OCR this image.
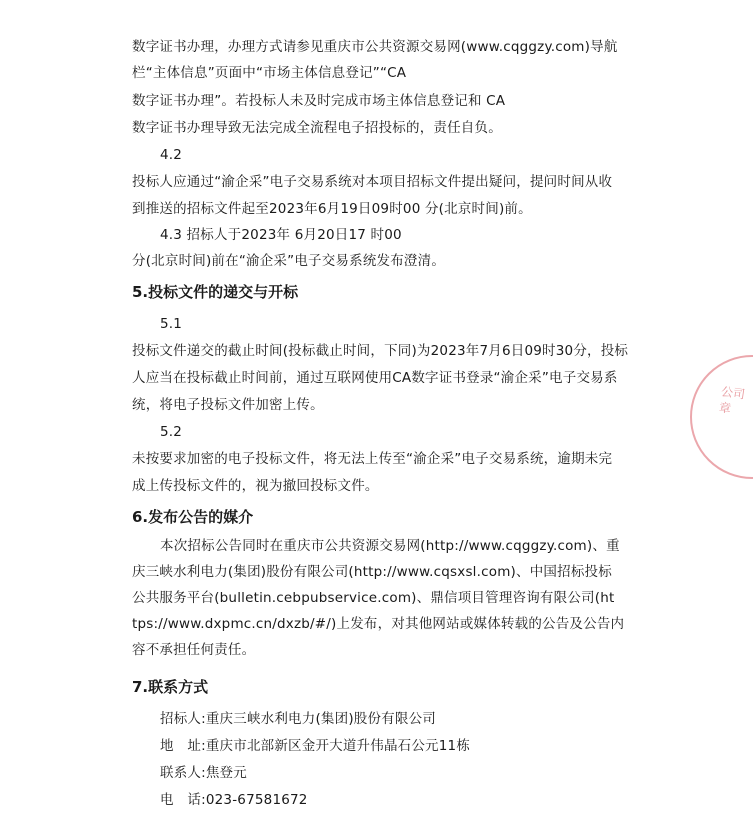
数字证书办理，办理方式请参见重庆市公共资源交易网(www.cqggzy.com)导航
栏“主体信息”页面中“市场主体信息登记”“CA
数字证书办理”。若投标人未及时完成市场主体信息登记和 CA
数字证书办理导致无法完成全流程电子招投标的，责任自负。
4.2
投标人应通过“渝企采”电子交易系统对本项目招标文件提出疑问，提问时间从收
到推送的招标文件起至2023年6月19日09时00 分(北京时间)前。
4.3 招标人于2023年 6月20日17 时00
分(北京时间)前在“渝企采”电子交易系统发布澄清。
5.投标文件的递交与开标
5.1
投标文件递交的截止时间(投标截止时间，下同)为2023年7月6日09时30分，投标
人应当在投标截止时间前，通过互联网使用CA数字证书登录“渝企采”电子交易系
统，将电子投标文件加密上传。
5.2
未按要求加密的电子投标文件，将无法上传至“渝企采”电子交易系统，逾期未完
成上传投标文件的，视为撤回投标文件。
6.发布公告的媒介
本次招标公告同时在重庆市公共资源交易网(http://www.cqggzy.com)、重
庆三峡水利电力(集团)股份有限公司(http://www.cqsxsl.com)、中国招标投标
公共服务平台(bulletin.cebpubservice.com)、鼎信项目管理咨询有限公司(ht
tps://www.dxpmc.cn/dxzb/#/)上发布，对其他网站或媒体转载的公告及公告内
容不承担任何责任。
7.联系方式
招标人:重庆三峡水利电力(集团)股份有限公司
地　址:重庆市北部新区金开大道升伟晶石公元11栋
联系人:焦登元
电　话:023-67581672
公司章
